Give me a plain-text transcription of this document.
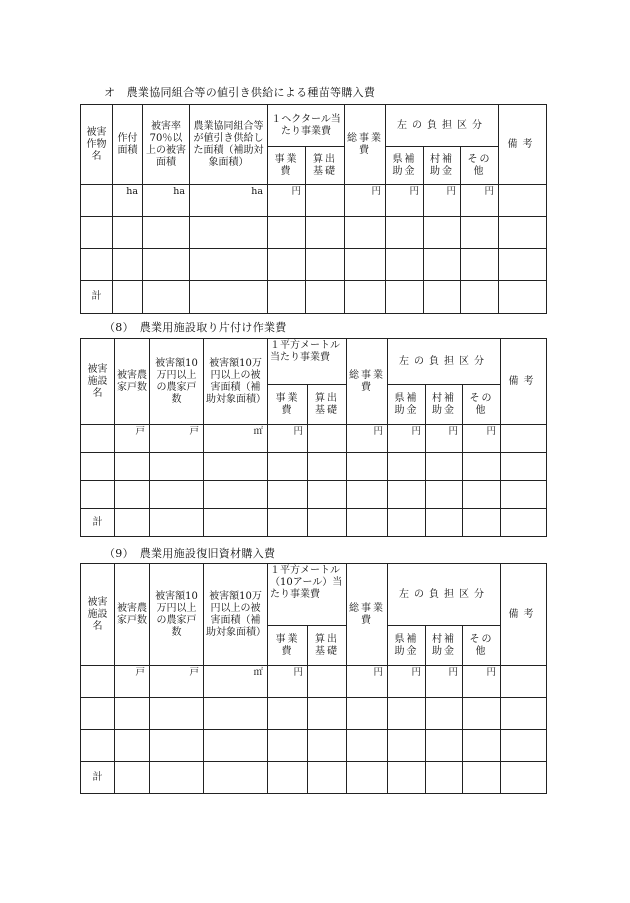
オ　農業協同組合等の値引き供給による種苗等購入費
被害作物名	作付面積	被害率70％以上の被害面積	農業協同組合等が値引き供給した面積（補助対象面積）	１ヘクタール当たり事業費		総事業費	左の負担区分			備考
				事業費	算出基礎		県補助金	村補助金	その他	
	ha	ha	ha	円		円	円	円	円	

計										
（8）　農業用施設取り片付け作業費
被害施設名	被害農家戸数	被害額10万円以上の農家戸数	被害額10万円以上の被害面積（補助対象面積）	１平方メートル当たり事業費		総事業費	左の負担区分			備考
				事業費	算出基礎		県補助金	村補助金	その他	
	戸	戸	㎡	円		円	円	円	円	

計										
（9）　農業用施設復旧資材購入費
被害施設名	被害農家戸数	被害額10万円以上の農家戸数	被害額10万円以上の被害面積（補助対象面積）	１平方メートル（10アール）当たり事業費		総事業費	左の負担区分			備考
				事業費	算出基礎		県補助金	村補助金	その他	
	戸	戸	㎡	円		円	円	円	円	

計										
